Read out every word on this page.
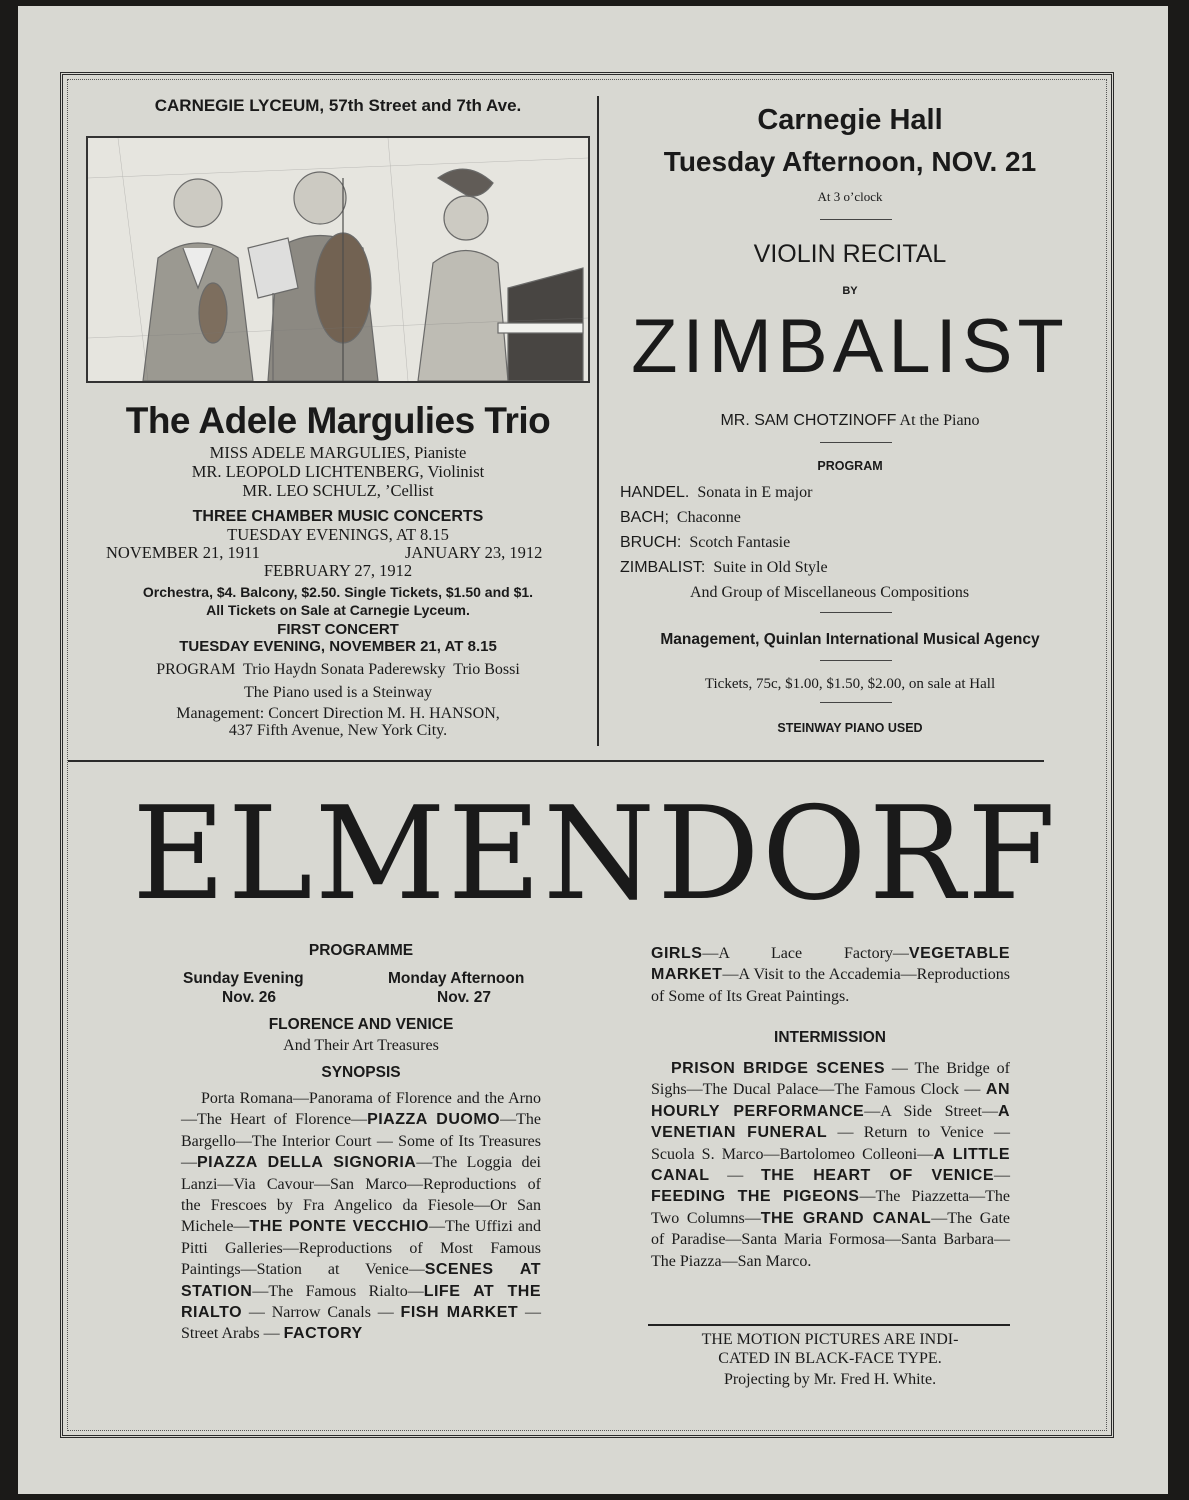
CARNEGIE LYCEUM, 57th Street and 7th Ave.
The Adele Margulies Trio
MISS ADELE MARGULIES, Pianiste
MR. LEOPOLD LICHTENBERG, Violinist
MR. LEO SCHULZ, ’Cellist
THREE CHAMBER MUSIC CONCERTS
TUESDAY EVENINGS, AT 8.15
NOVEMBER 21, 1911	JANUARY 23, 1912
FEBRUARY 27, 1912
Orchestra, $4. Balcony, $2.50. Single Tickets, $1.50 and $1.
All Tickets on Sale at Carnegie Lyceum.
FIRST CONCERT
TUESDAY EVENING, NOVEMBER 21, AT 8.15
PROGRAM  Trio Haydn Sonata Paderewsky  Trio Bossi
The Piano used is a Steinway
Management: Concert Direction M. H. HANSON,
437 Fifth Avenue, New York City.
Carnegie Hall
Tuesday Afternoon, NOV. 21
At 3 o’clock
VIOLIN RECITAL
BY
ZIMBALIST
MR. SAM CHOTZINOFF At the Piano
PROGRAM
HANDEL. Sonata in E major
BACH; Chaconne
BRUCH: Scotch Fantasie
ZIMBALIST: Suite in Old Style
And Group of Miscellaneous Compositions
Management, Quinlan International Musical Agency
Tickets, 75c, $1.00, $1.50, $2.00, on sale at Hall
STEINWAY PIANO USED
ELMENDORF
PROGRAMME
Sunday Evening
Nov. 26
Monday Afternoon
Nov. 27
FLORENCE AND VENICE
And Their Art Treasures
SYNOPSIS
Porta Romana—Panorama of Florence and the Arno—The Heart of Florence—PIAZZA DUOMO—The Bargello—The Interior Court — Some of Its Treasures —PIAZZA DELLA SIGNORIA—The Loggia dei Lanzi—Via Cavour—San Marco—Reproductions of the Frescoes by Fra Angelico da Fiesole—Or San Michele—THE PONTE VECCHIO—The Uffizi and Pitti Galleries—Reproductions of Most Famous Paintings—Station at Venice—SCENES AT STATION—The Famous Rialto—LIFE AT THE RIALTO — Narrow Canals — FISH MARKET — Street Arabs — FACTORY
GIRLS—A Lace Factory—VEGETABLE MARKET—A Visit to the Accademia—Reproductions of Some of Its Great Paintings.
INTERMISSION
PRISON BRIDGE SCENES — The Bridge of Sighs—The Ducal Palace—The Famous Clock — AN HOURLY PERFORMANCE—A Side Street—A VENETIAN FUNERAL — Return to Venice — Scuola S. Marco—Bartolomeo Colleoni—A LITTLE CANAL — THE HEART OF VENICE—FEEDING THE PIGEONS—The Piazzetta—The Two Columns—THE GRAND CANAL—The Gate of Paradise—Santa Maria Formosa—Santa Barbara—The Piazza—San Marco.
THE MOTION PICTURES ARE INDI-
CATED IN BLACK-FACE TYPE.
Projecting by Mr. Fred H. White.
